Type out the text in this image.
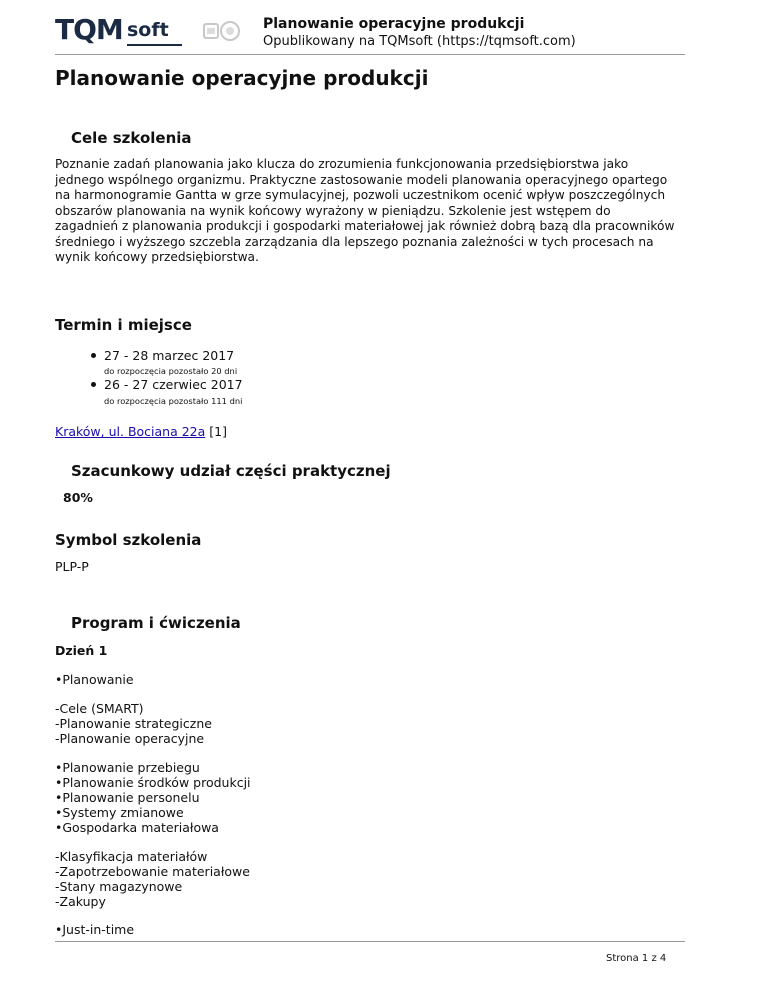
TQM soft	Planowanie operacyjne produkcji
Opublikowany na TQMsoft (https://tqmsoft.com)
Planowanie operacyjne produkcji
Cele szkolenia
Poznanie zadań planowania jako klucza do zrozumienia funkcjonowania przedsiębiorstwa jako
jednego wspólnego organizmu. Praktyczne zastosowanie modeli planowania operacyjnego opartego
na harmonogramie Gantta w grze symulacyjnej, pozwoli uczestnikom ocenić wpływ poszczególnych
obszarów planowania na wynik końcowy wyrażony w pieniądzu. Szkolenie jest wstępem do
zagadnień z planowania produkcji i gospodarki materiałowej jak również dobrą bazą dla pracowników
średniego i wyższego szczebla zarządzania dla lepszego poznania zależności w tych procesach na
wynik końcowy przedsiębiorstwa.
Termin i miejsce
27 - 28 marzec 2017
do rozpoczęcia pozostało 20 dni
26 - 27 czerwiec 2017
do rozpoczęcia pozostało 111 dni
Kraków, ul. Bociana 22a [1]
Szacunkowy udział części praktycznej
80%
Symbol szkolenia
PLP-P
Program i ćwiczenia
Dzień 1
•Planowanie
-Cele (SMART)
-Planowanie strategiczne
-Planowanie operacyjne
•Planowanie przebiegu
•Planowanie środków produkcji
•Planowanie personelu
•Systemy zmianowe
•Gospodarka materiałowa
-Klasyfikacja materiałów
-Zapotrzebowanie materiałowe
-Stany magazynowe
-Zakupy
•Just-in-time
Strona 1 z 4
